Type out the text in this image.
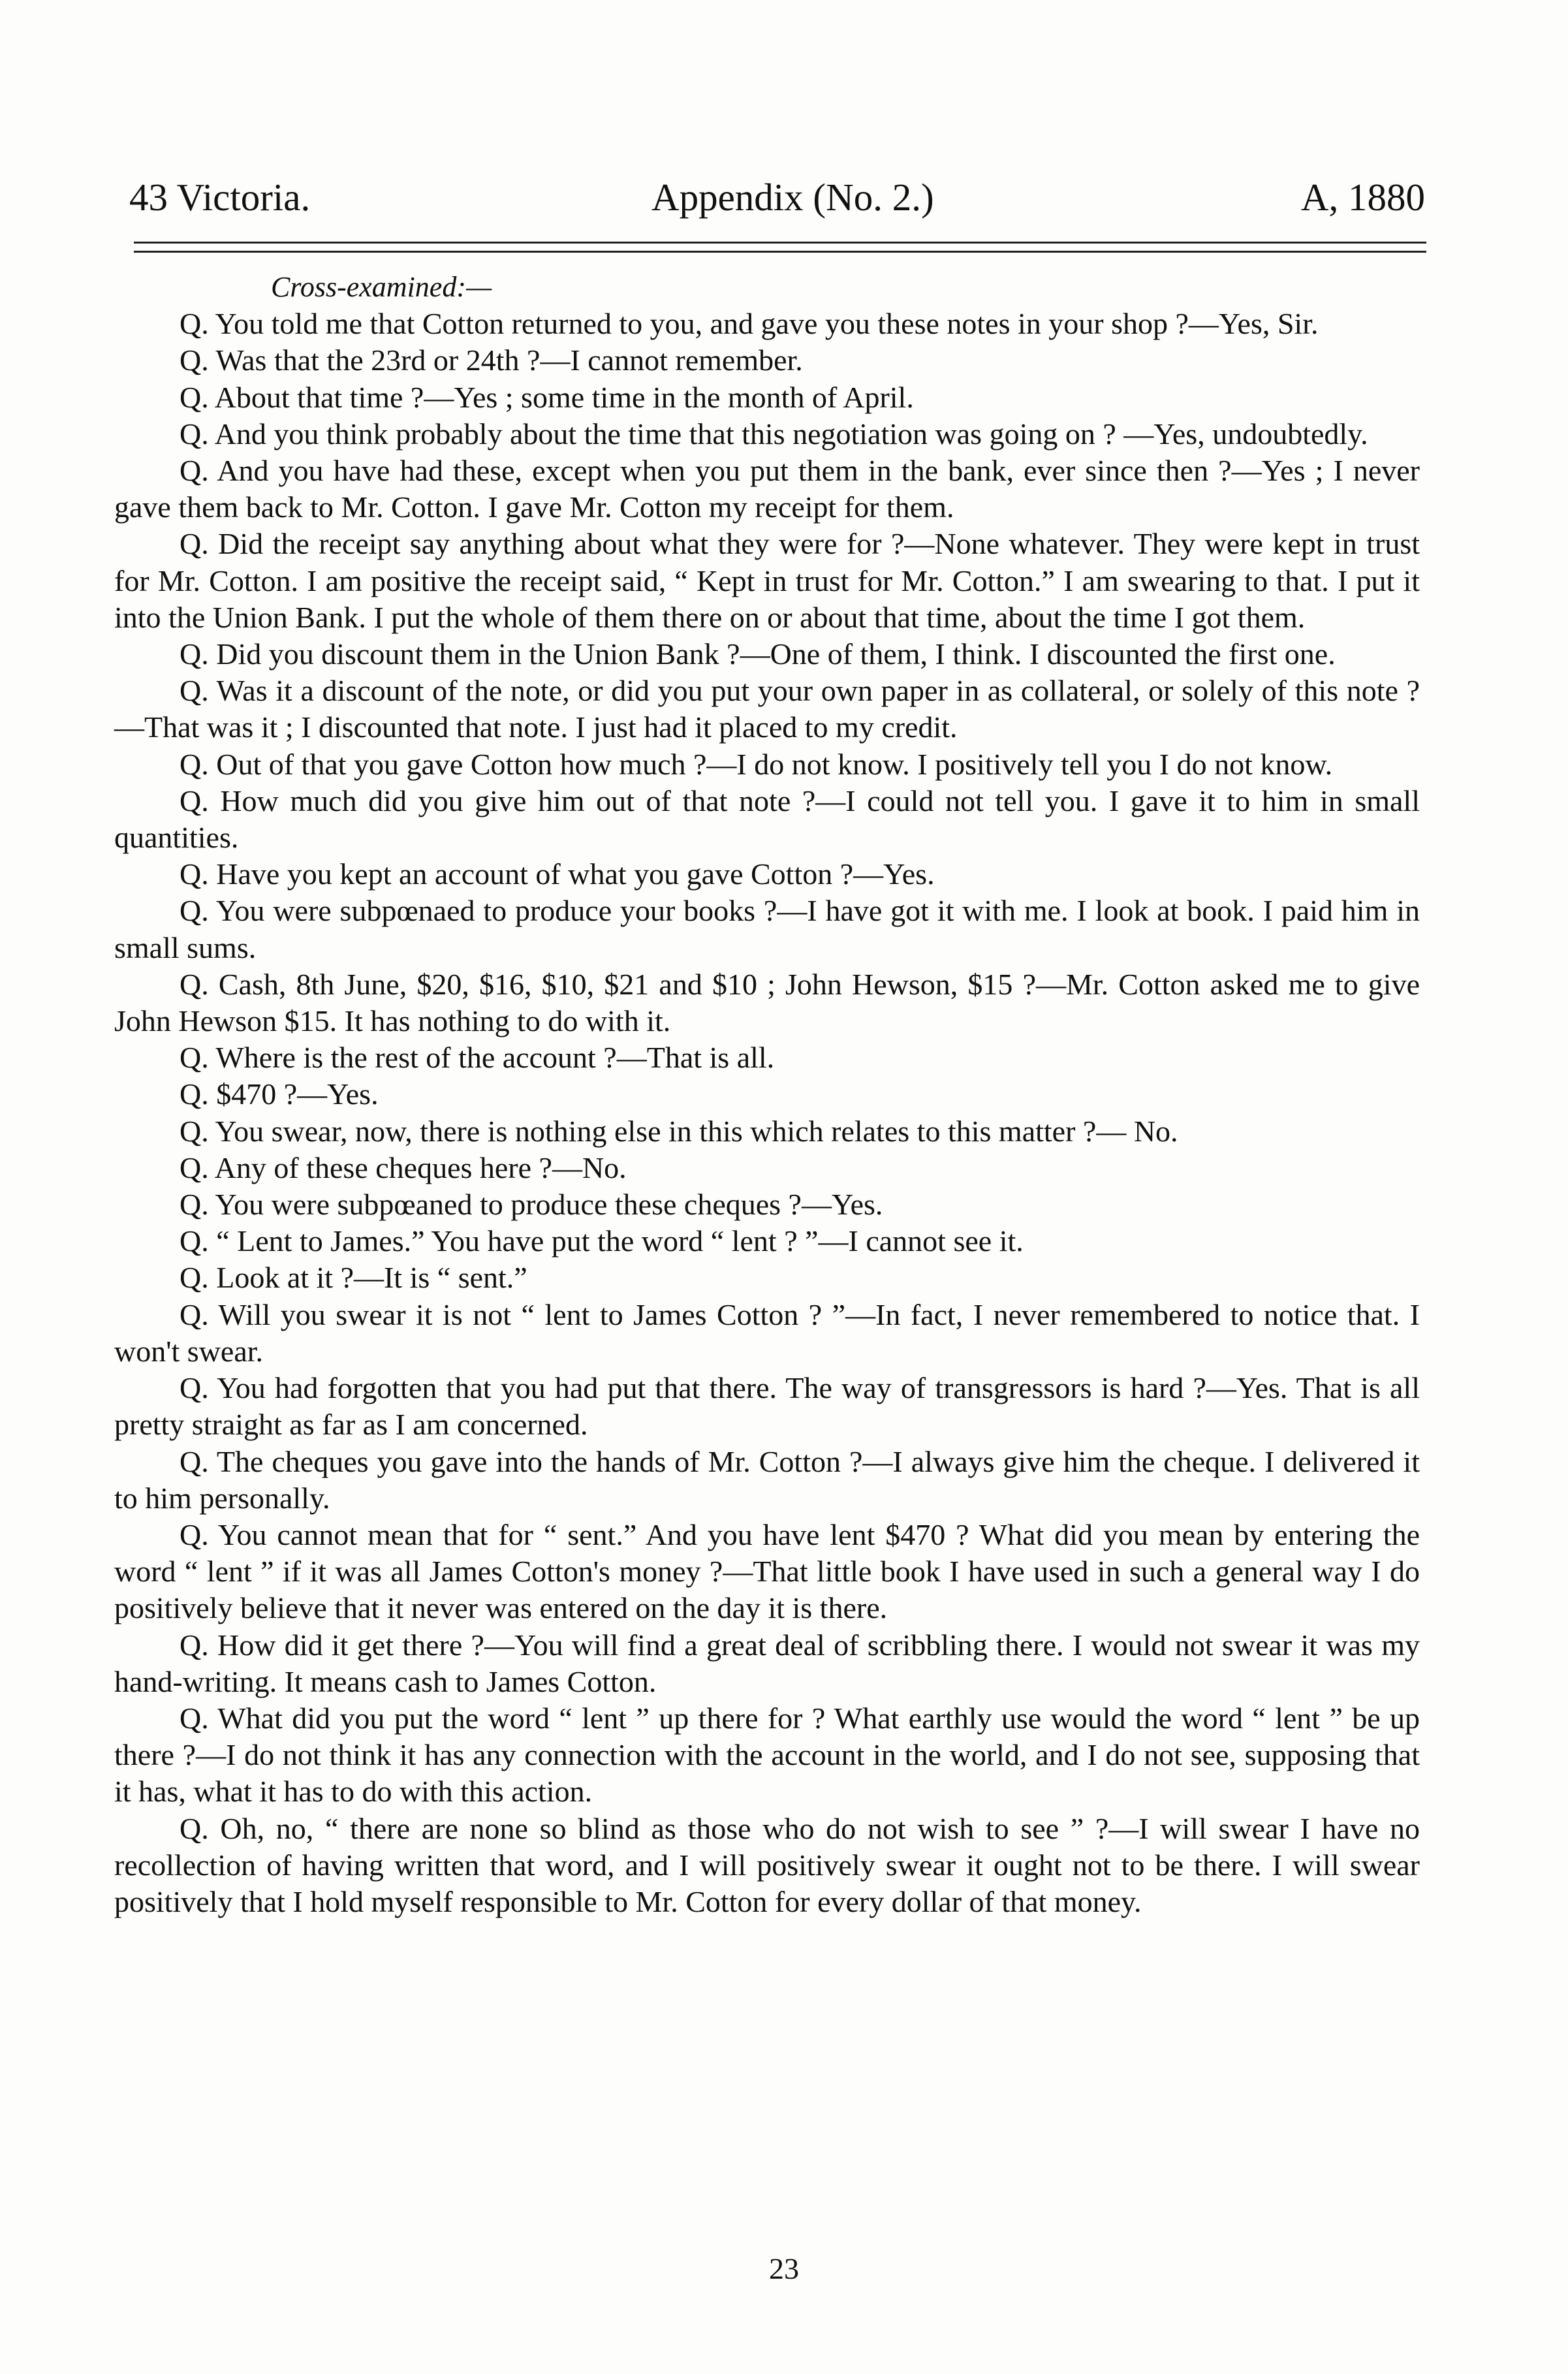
43 Victoria.	Appendix (No. 2.)	A, 1880

Cross-examined:—

Q. You told me that Cotton returned to you, and gave you these notes in your shop ?—Yes, Sir.

Q. Was that the 23rd or 24th ?—I cannot remember.

Q. About that time ?—Yes ; some time in the month of April.

Q. And you think probably about the time that this negotiation was going on ? —Yes, undoubtedly.

Q. And you have had these, except when you put them in the bank, ever since then ?—Yes ; I never gave them back to Mr. Cotton. I gave Mr. Cotton my receipt for them.

Q. Did the receipt say anything about what they were for ?—None whatever. They were kept in trust for Mr. Cotton. I am positive the receipt said, “ Kept in trust for Mr. Cotton.” I am swearing to that. I put it into the Union Bank. I put the whole of them there on or about that time, about the time I got them.

Q. Did you discount them in the Union Bank ?—One of them, I think. I discounted the first one.

Q. Was it a discount of the note, or did you put your own paper in as collateral, or solely of this note ?—That was it ; I discounted that note. I just had it placed to my credit.

Q. Out of that you gave Cotton how much ?—I do not know. I positively tell you I do not know.

Q. How much did you give him out of that note ?—I could not tell you. I gave it to him in small quantities.

Q. Have you kept an account of what you gave Cotton ?—Yes.

Q. You were subpœnaed to produce your books ?—I have got it with me. I look at book. I paid him in small sums.

Q. Cash, 8th June, $20, $16, $10, $21 and $10 ; John Hewson, $15 ?—Mr. Cotton asked me to give John Hewson $15. It has nothing to do with it.

Q. Where is the rest of the account ?—That is all.

Q. $470 ?—Yes.

Q. You swear, now, there is nothing else in this which relates to this matter ?— No.

Q. Any of these cheques here ?—No.

Q. You were subpœaned to produce these cheques ?—Yes.

Q. “ Lent to James.” You have put the word “ lent ? ”—I cannot see it.

Q. Look at it ?—It is “ sent.”

Q. Will you swear it is not “ lent to James Cotton ? ”—In fact, I never remembered to notice that. I won't swear.

Q. You had forgotten that you had put that there. The way of transgressors is hard ?—Yes. That is all pretty straight as far as I am concerned.

Q. The cheques you gave into the hands of Mr. Cotton ?—I always give him the cheque. I delivered it to him personally.

Q. You cannot mean that for “ sent.” And you have lent $470 ? What did you mean by entering the word “ lent ” if it was all James Cotton's money ?—That little book I have used in such a general way I do positively believe that it never was entered on the day it is there.

Q. How did it get there ?—You will find a great deal of scribbling there. I would not swear it was my hand-writing. It means cash to James Cotton.

Q. What did you put the word “ lent ” up there for ? What earthly use would the word “ lent ” be up there ?—I do not think it has any connection with the account in the world, and I do not see, supposing that it has, what it has to do with this action.

Q. Oh, no, “ there are none so blind as those who do not wish to see ” ?—I will swear I have no recollection of having written that word, and I will positively swear it ought not to be there. I will swear positively that I hold myself responsible to Mr. Cotton for every dollar of that money.

23
